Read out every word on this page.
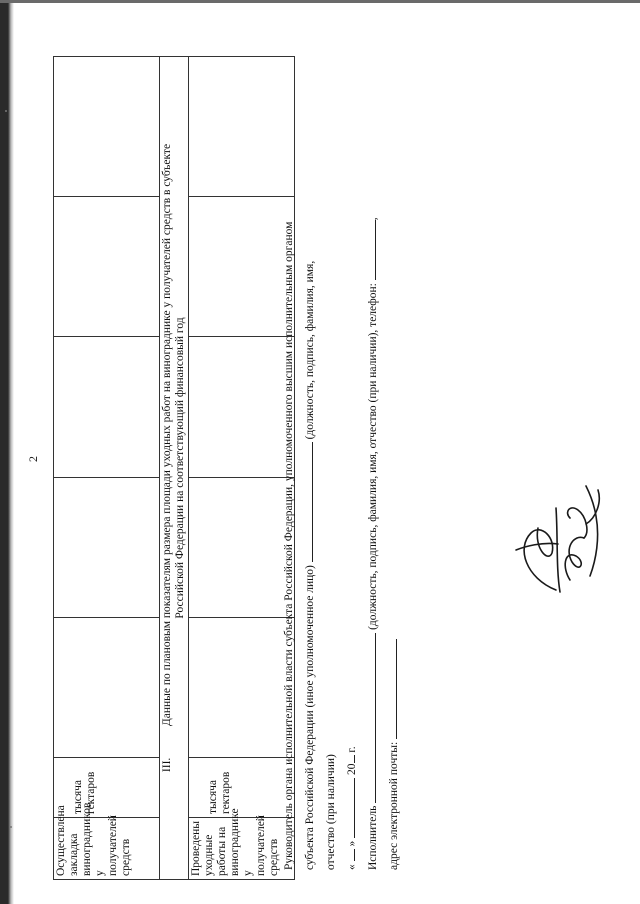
2
Осуществлена закладка виноградников у получателей средств	тысяча гектаров					
III.Данные по плановым показателям размера площади уходных работ на винограднике у получателей средств в субъекте
Российской Федерации на соответствующий финансовый год						
Проведены уходные работы на винограднике у получателей средств	тысяча гектаров						Руководитель органа исполнительной власти субъекта Российской Федерации, уполномоченного высшим исполнительным органом субъекта Российской Федерации (иное уполномоченное лицо)  (должность, подпись, фамилия, имя,
отчество (при наличии) «  »  20 г.
Исполнитель  (должность, подпись, фамилия, имя, отчество (при наличии), телефон: ,
адрес электронной почты:
